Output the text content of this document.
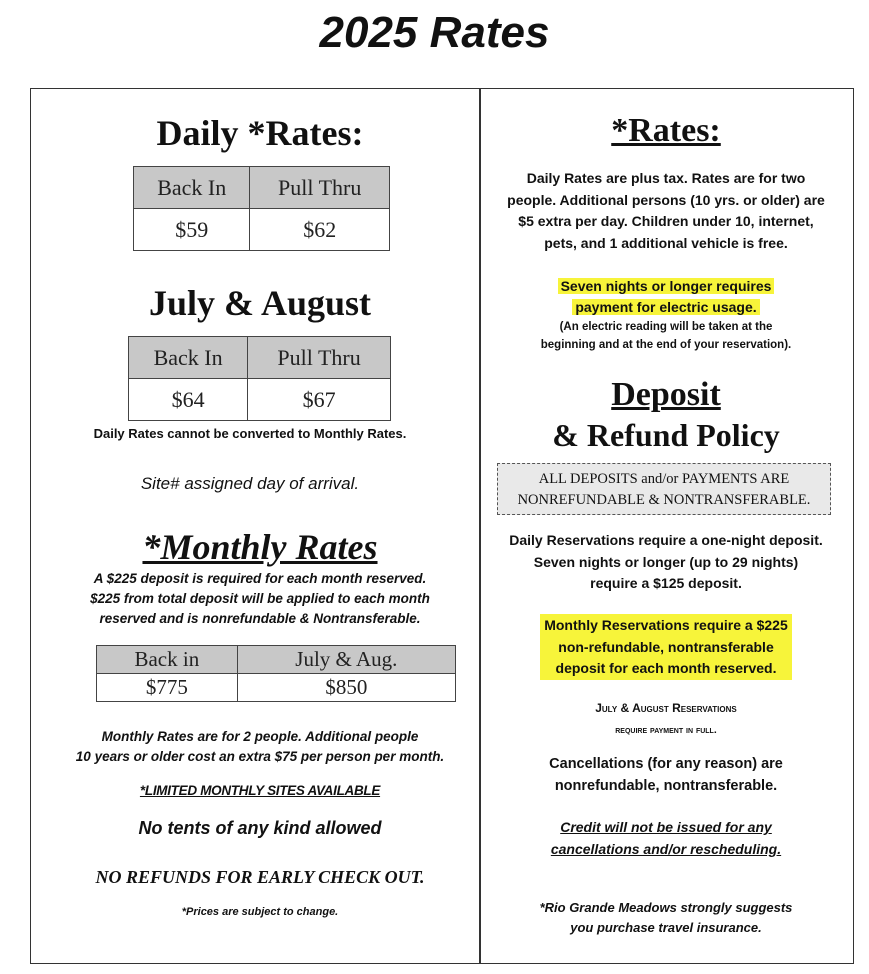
2025 Rates
Daily *Rates:
Back In	Pull Thru
$59	$62
July & August
Back In	Pull Thru
$64	$67
Daily Rates cannot be converted to Monthly Rates.
Site# assigned day of arrival.
*Monthly Rates
A $225 deposit is required for each month reserved.
$225 from total deposit will be applied to each month
reserved and is nonrefundable & Nontransferable.
Back in	July & Aug.
$775	$850
Monthly Rates are for 2 people. Additional people
10 years or older cost an extra $75 per person per month.
*LIMITED MONTHLY SITES AVAILABLE
No tents of any kind allowed
NO REFUNDS FOR EARLY CHECK OUT.
*Prices are subject to change.
*Rates:
Daily Rates are plus tax. Rates are for two
people. Additional persons (10 yrs. or older) are
$5 extra per day. Children under 10, internet,
pets, and 1 additional vehicle is free.
Seven nights or longer requires
payment for electric usage.
(An electric reading will be taken at the
beginning and at the end of your reservation).
Deposit
& Refund Policy
ALL DEPOSITS and/or PAYMENTS ARE
NONREFUNDABLE & NONTRANSFERABLE.
Daily Reservations require a one-night deposit.
Seven nights or longer (up to 29 nights)
require a $125 deposit.
Monthly Reservations require a $225
non-refundable, nontransferable
deposit for each month reserved.
July & August Reservations
require payment in full.
Cancellations (for any reason) are
nonrefundable, nontransferable.
Credit will not be issued for any
cancellations and/or rescheduling.
*Rio Grande Meadows strongly suggests
you purchase travel insurance.
